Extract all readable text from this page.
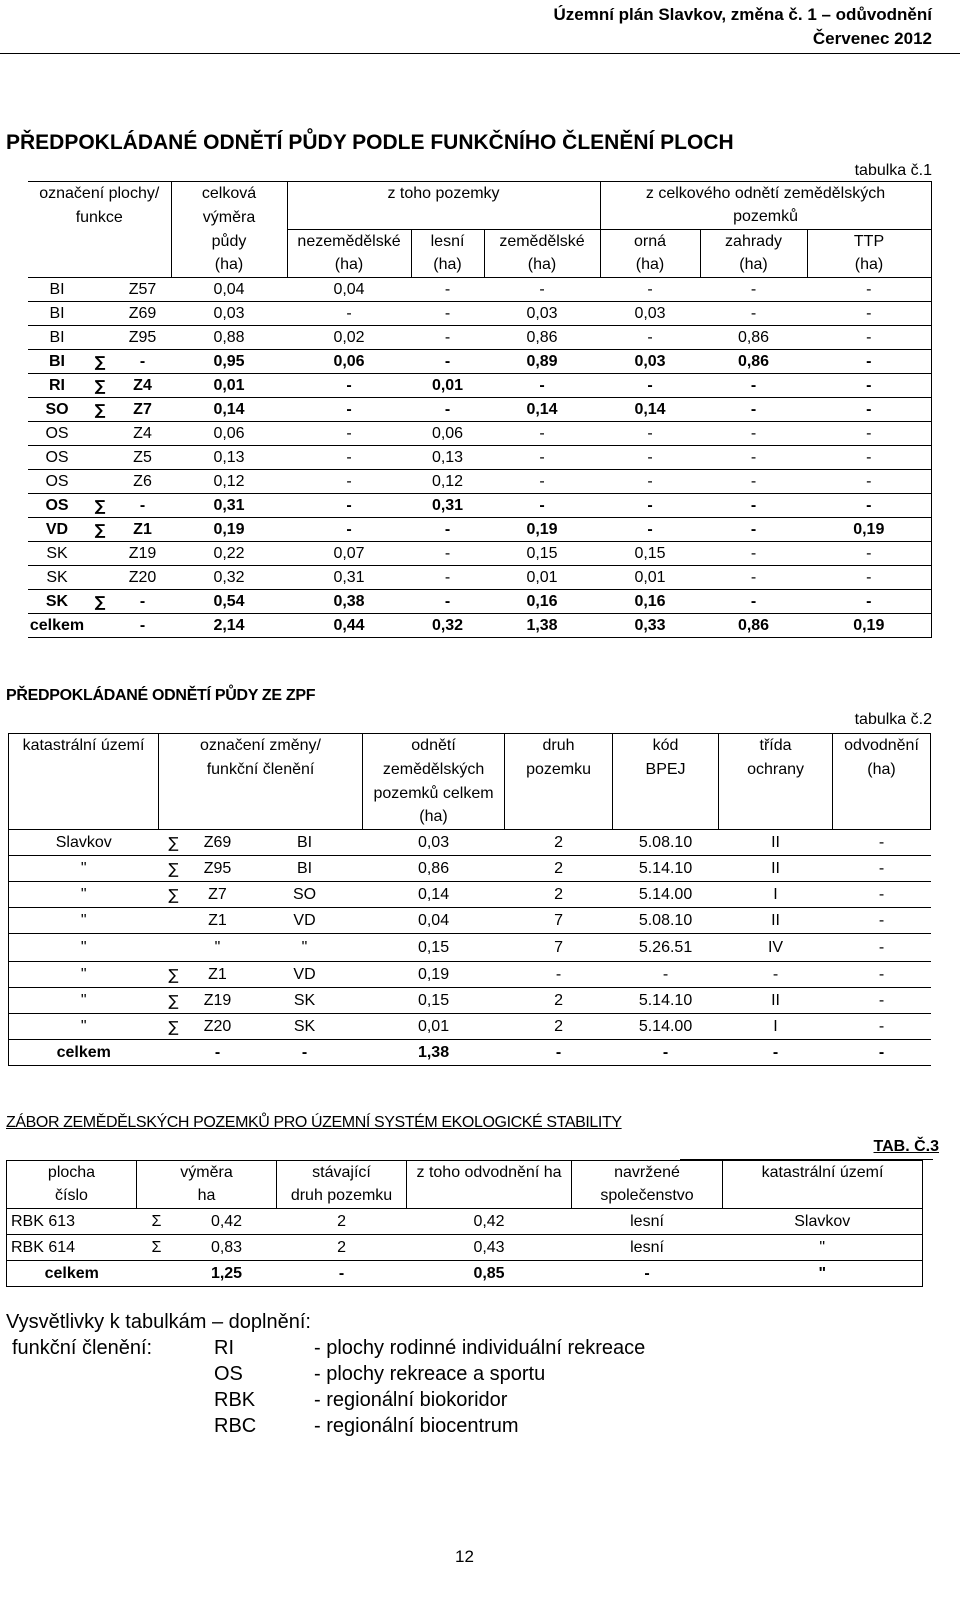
Územní plán Slavkov, změna č. 1 – odůvodnění
Červenec 2012
PŘEDPOKLÁDANÉ ODNĚTÍ PŮDY PODLE FUNKČNÍHO ČLENĚNÍ PLOCH
tabulka č.1
označení plochy/			celková	z toho pozemky			z celkového odnětí zemědělských		
funkce			výměra				pozemků		
			půdy	nezemědělské	lesní	zemědělské	orná	zahrady	TTP
			(ha)	(ha)	(ha)	(ha)	(ha)	(ha)	(ha)
BI		Z57	0,04	0,04	-	-	-	-	-
BI		Z69	0,03	-	-	0,03	0,03	-	-
BI		Z95	0,88	0,02	-	0,86	-	0,86	-
BI	∑	-	0,95	0,06	-	0,89	0,03	0,86	-
RI	∑	Z4	0,01	-	0,01	-	-	-	-
SO	∑	Z7	0,14	-	-	0,14	0,14	-	-
OS		Z4	0,06	-	0,06	-	-	-	-
OS		Z5	0,13	-	0,13	-	-	-	-
OS		Z6	0,12	-	0,12	-	-	-	-
OS	∑	-	0,31	-	0,31	-	-	-	-
VD	∑	Z1	0,19	-	-	0,19	-	-	0,19
SK		Z19	0,22	0,07	-	0,15	0,15	-	-
SK		Z20	0,32	0,31	-	0,01	0,01	-	-
SK	∑	-	0,54	0,38	-	0,16	0,16	-	-
celkem		-	2,14	0,44	0,32	1,38	0,33	0,86	0,19
PŘEDPOKLÁDANÉ ODNĚTÍ PŮDY ZE ZPF
tabulka č.2
katastrální území	označení změny/			odnětí	druh	kód	třída	odvodnění
	funkční členění			zemědělských	pozemku	BPEJ	ochrany	(ha)
				pozemků celkem				
				(ha)				
Slavkov	∑	Z69	BI	0,03	2	5.08.10	II	-
"	∑	Z95	BI	0,86	2	5.14.10	II	-
"	∑	Z7	SO	0,14	2	5.14.00	I	-
"		Z1	VD	0,04	7	5.08.10	II	-
"		"	"	0,15	7	5.26.51	IV	-
"	∑	Z1	VD	0,19	-	-	-	-
"	∑	Z19	SK	0,15	2	5.14.10	II	-
"	∑	Z20	SK	0,01	2	5.14.00	I	-
celkem		-	-	1,38	-	-	-	-
ZÁBOR ZEMĚDĚLSKÝCH POZEMKŮ PRO ÚZEMNÍ SYSTÉM EKOLOGICKÉ STABILITY
TAB. Č.3
plocha	výměra		stávající	z toho odvodnění ha	navržené	katastrální území
číslo	ha		druh pozemku		společenstvo	
RBK 613	Σ	0,42	2	0,42	lesní	Slavkov
RBK 614	Σ	0,83	2	0,43	lesní	"
celkem		1,25	-	0,85	-	"
Vysvětlivky k tabulkám – doplnění:
funkční členění:	RI	- plochy rodinné individuální rekreace
OS	- plochy rekreace a sportu
RBK	- regionální biokoridor
RBC	- regionální biocentrum
12
